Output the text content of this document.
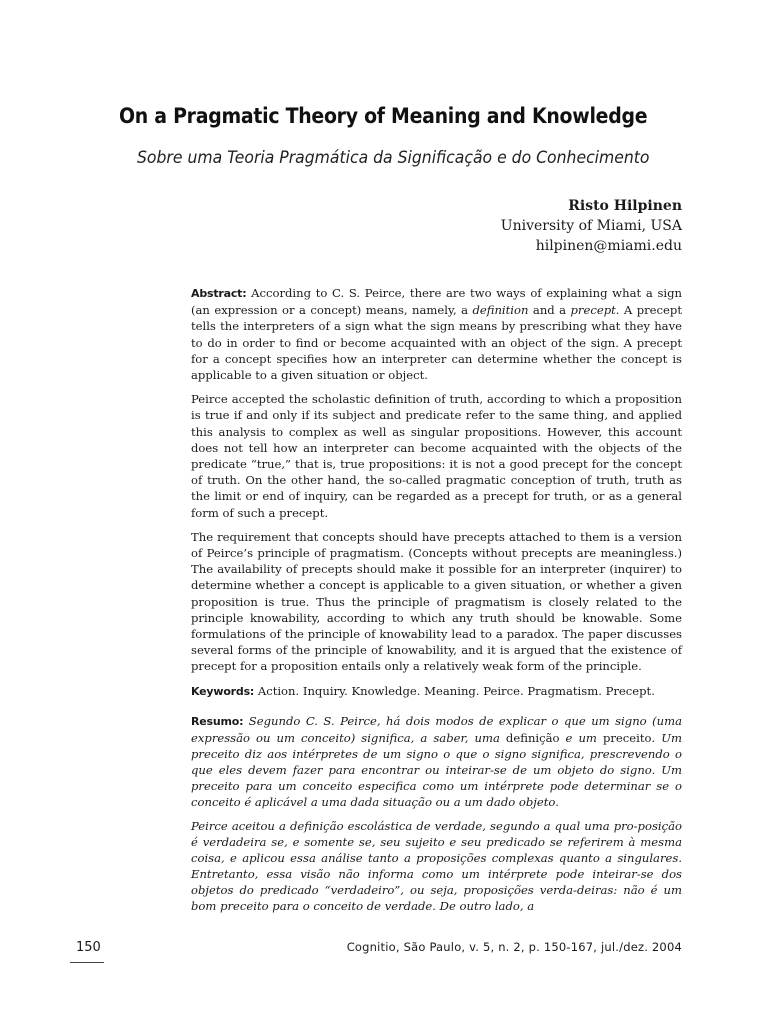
On a Pragmatic Theory of Meaning and Knowledge
Sobre uma Teoria Pragmática da Significação e do Conhecimento
Risto Hilpinen
University of Miami, USA
hilpinen@miami.edu

Abstract: According to C. S. Peirce, there are two ways of explaining what a sign (an expression or a concept) means, namely, a definition and a precept. A precept tells the interpreters of a sign what the sign means by prescribing what they have to do in order to find or become acquainted with an object of the sign. A precept for a concept specifies how an interpreter can determine whether the concept is applicable to a given situation or object.

Peirce accepted the scholastic definition of truth, according to which a proposition is true if and only if its subject and predicate refer to the same thing, and applied this analysis to complex as well as singular propositions. However, this account does not tell how an interpreter can become acquainted with the objects of the predicate “true,” that is, true propositions: it is not a good precept for the concept of truth. On the other hand, the so-called pragmatic conception of truth, truth as the limit or end of inquiry, can be regarded as a precept for truth, or as a general form of such a precept.

The requirement that concepts should have precepts attached to them is a version of Peirce’s principle of pragmatism. (Concepts without precepts are meaningless.) The availability of precepts should make it possible for an interpreter (inquirer) to determine whether a concept is applicable to a given situation, or whether a given proposition is true. Thus the principle of pragmatism is closely related to the principle knowability, according to which any truth should be knowable. Some formulations of the principle of knowability lead to a paradox. The paper discusses several forms of the principle of knowability, and it is argued that the existence of precept for a proposition entails only a relatively weak form of the principle.

Keywords: Action. Inquiry. Knowledge. Meaning. Peirce. Pragmatism. Precept.

Resumo: Segundo C. S. Peirce, há dois modos de explicar o que um signo (uma expressão ou um conceito) significa, a saber, uma definição e um preceito. Um preceito diz aos intérpretes de um signo o que o signo significa, prescrevendo o que eles devem fazer para encontrar ou inteirar-se de um objeto do signo. Um preceito para um conceito especifica como um intérprete pode determinar se o conceito é aplicável a uma dada situação ou a um dado objeto.

Peirce aceitou a definição escolástica de verdade, segundo a qual uma pro-posição é verdadeira se, e somente se, seu sujeito e seu predicado se referirem à mesma coisa, e aplicou essa análise tanto a proposições complexas quanto a singulares. Entretanto, essa visão não informa como um intérprete pode inteirar-se dos objetos do predicado “verdadeiro”, ou seja, proposições verda-deiras: não é um bom preceito para o conceito de verdade. De outro lado, a

150	Cognitio, São Paulo, v. 5, n. 2, p. 150-167, jul./dez. 2004
